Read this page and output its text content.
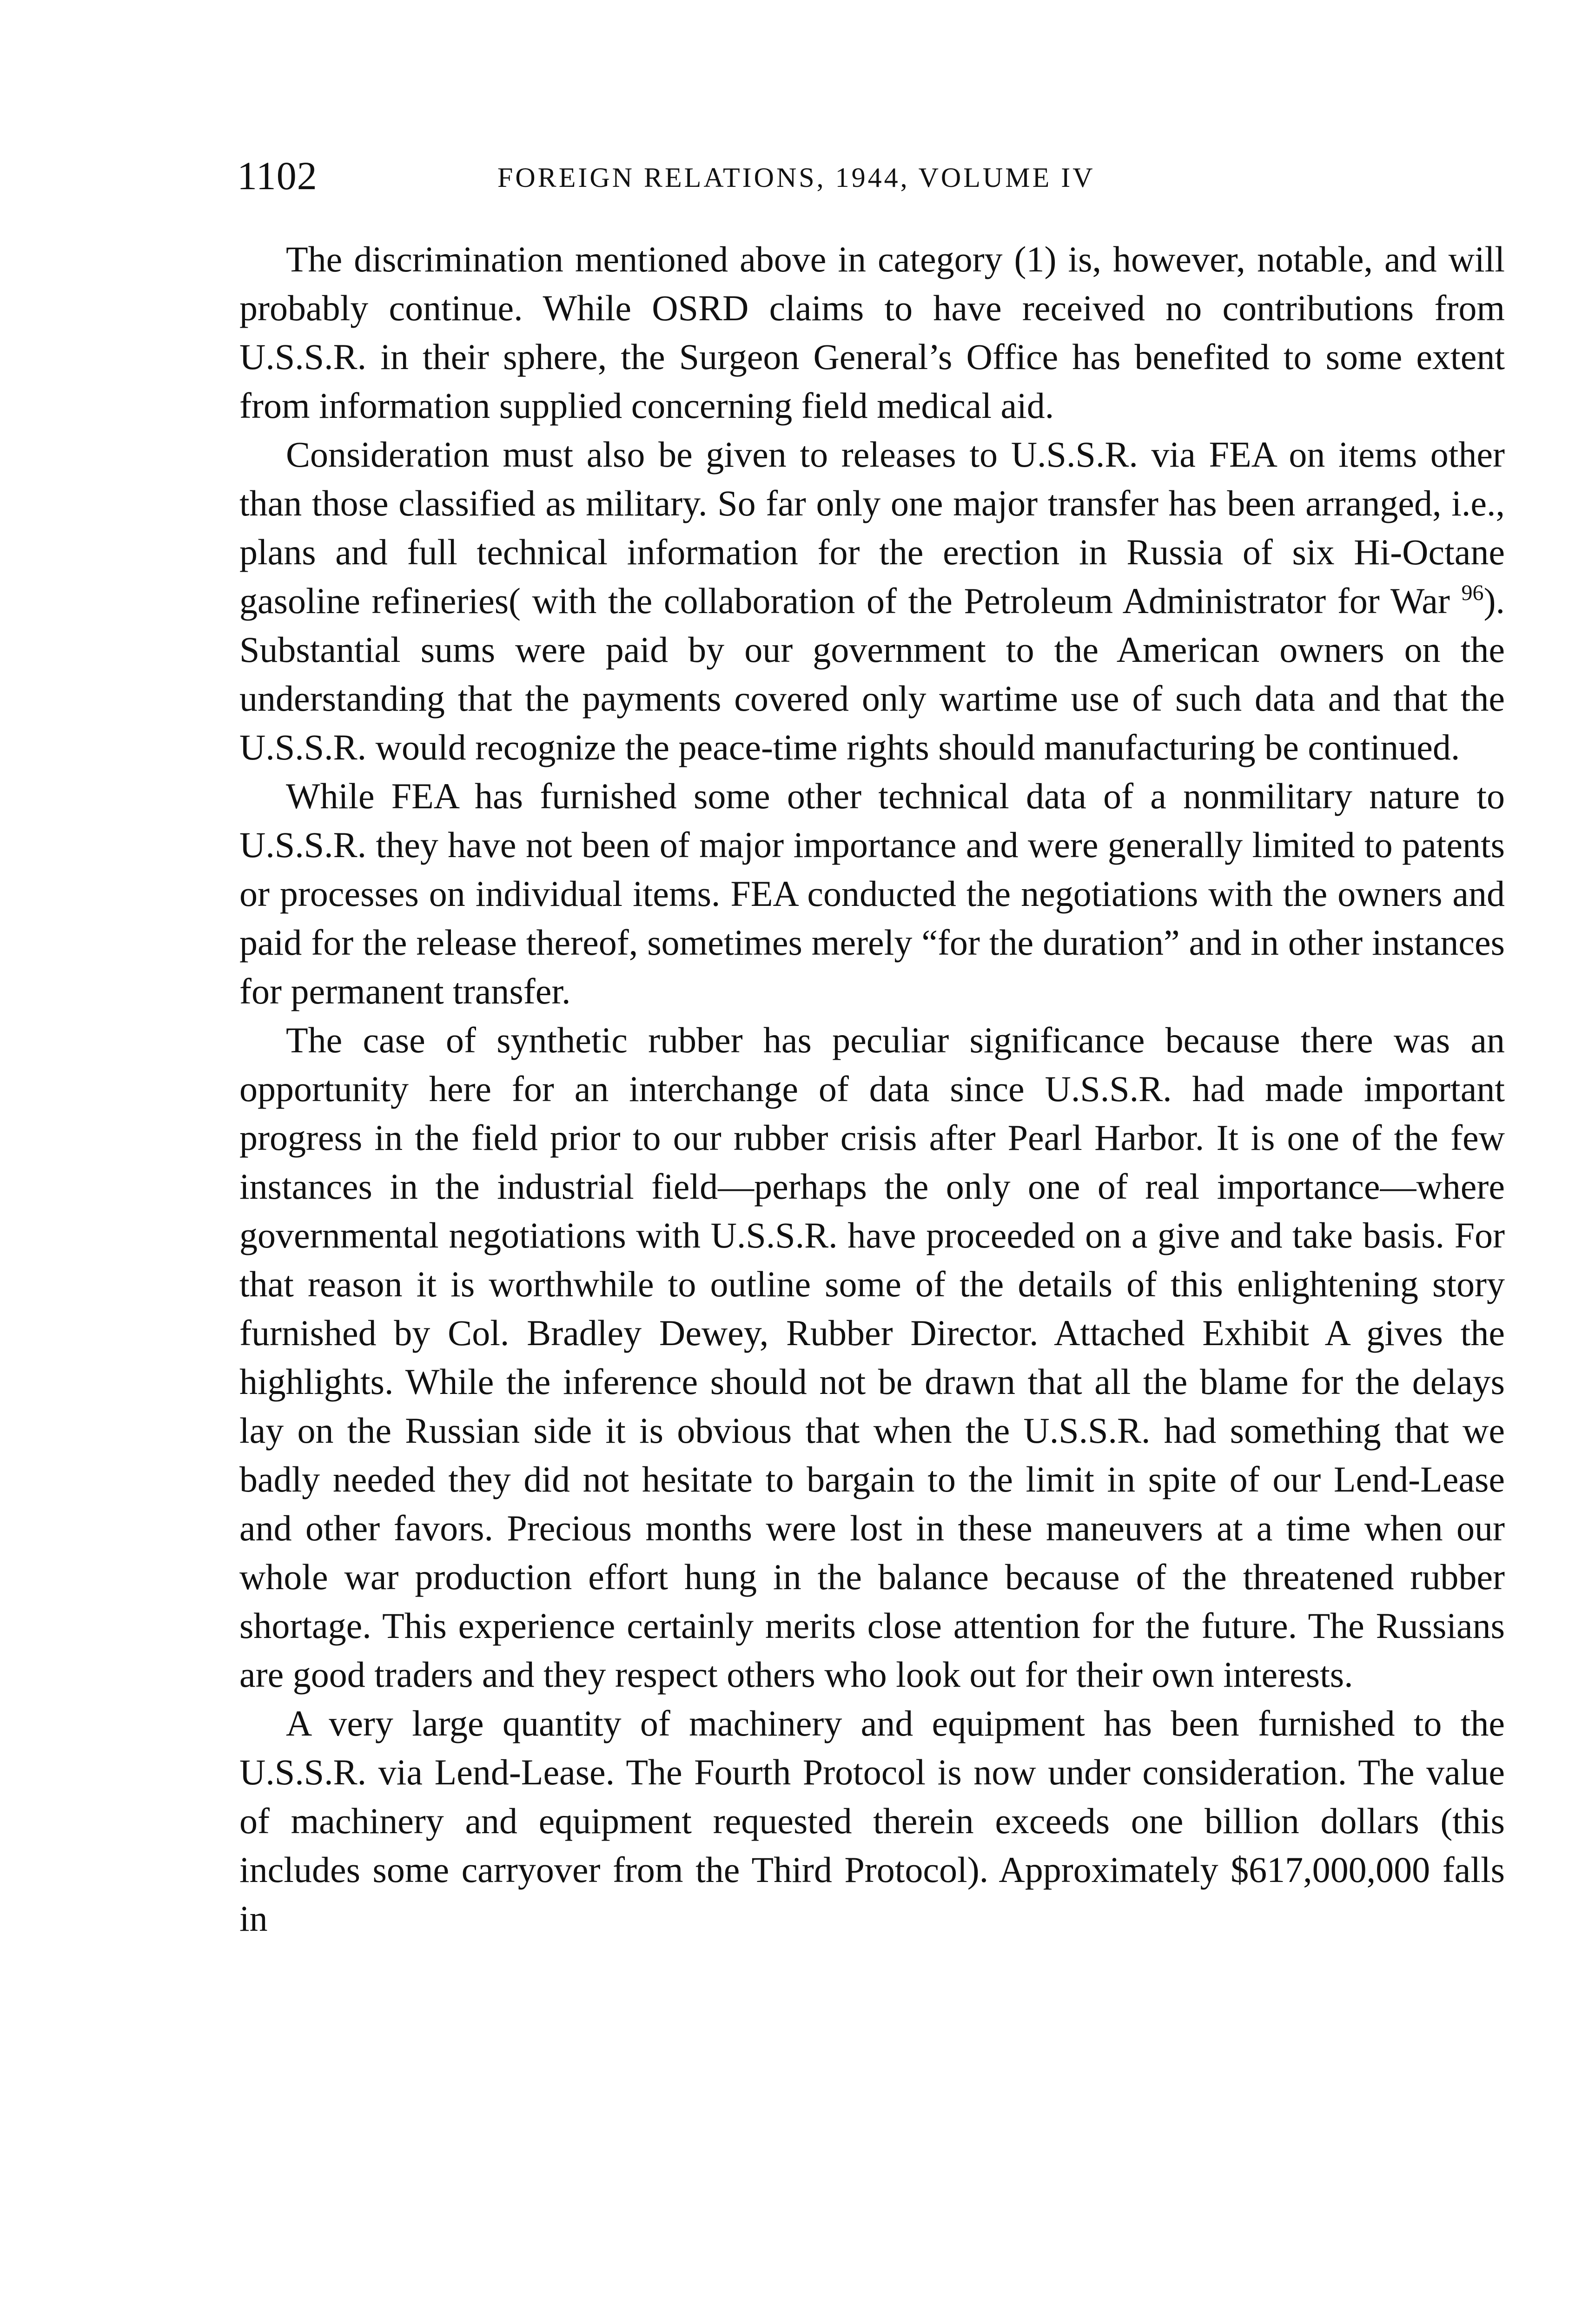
1102	FOREIGN RELATIONS, 1944, VOLUME IV

The discrimination mentioned above in category (1) is, however, notable, and will probably continue. While OSRD claims to have received no contributions from U.S.S.R. in their sphere, the Surgeon General’s Office has benefited to some extent from information supplied concerning field medical aid.

Consideration must also be given to releases to U.S.S.R. via FEA on items other than those classified as military. So far only one major transfer has been arranged, i.e., plans and full technical information for the erection in Russia of six Hi-Octane gasoline refineries( with the collaboration of the Petroleum Administrator for War $^{96}$). Substantial sums were paid by our government to the American owners on the understanding that the payments covered only wartime use of such data and that the U.S.S.R. would recognize the peace-time rights should manufacturing be continued.

While FEA has furnished some other technical data of a nonmilitary nature to U.S.S.R. they have not been of major importance and were generally limited to patents or processes on individual items. FEA conducted the negotiations with the owners and paid for the release thereof, sometimes merely “for the duration” and in other instances for permanent transfer.

The case of synthetic rubber has peculiar significance because there was an opportunity here for an interchange of data since U.S.S.R. had made important progress in the field prior to our rubber crisis after Pearl Harbor. It is one of the few instances in the industrial field—perhaps the only one of real importance—where governmental negotiations with U.S.S.R. have proceeded on a give and take basis. For that reason it is worthwhile to outline some of the details of this enlightening story furnished by Col. Bradley Dewey, Rubber Director. Attached Exhibit A gives the highlights. While the inference should not be drawn that all the blame for the delays lay on the Russian side it is obvious that when the U.S.S.R. had something that we badly needed they did not hesitate to bargain to the limit in spite of our Lend-Lease and other favors. Precious months were lost in these maneuvers at a time when our whole war production effort hung in the balance because of the threatened rubber shortage. This experience certainly merits close attention for the future. The Russians are good traders and they respect others who look out for their own interests.

A very large quantity of machinery and equipment has been furnished to the U.S.S.R. via Lend-Lease. The Fourth Protocol is now under consideration. The value of machinery and equipment requested therein exceeds one billion dollars (this includes some carryover from the Third Protocol). Approximately $617,000,000 falls in
